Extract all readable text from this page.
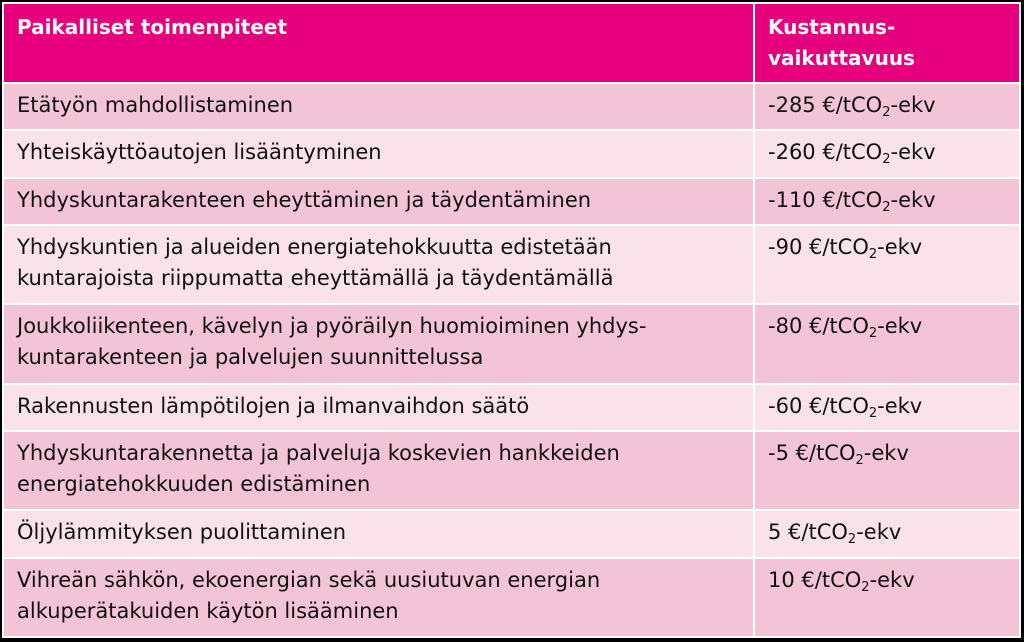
Paikalliset toimenpiteet	Kustannus-
vaikuttavuus

Etätyön mahdollistaminen	-285 €/tCO$_2$-ekv
Yhteiskäyttöautojen lisääntyminen	-260 €/tCO$_2$-ekv
Yhdyskuntarakenteen eheyttäminen ja täydentäminen	-110 €/tCO$_2$-ekv
Yhdyskuntien ja alueiden energiatehokkuutta edistetään
kuntarajoista riippumatta eheyttämällä ja täydentämällä	-90 €/tCO$_2$-ekv
Joukkoliikenteen, kävelyn ja pyöräilyn huomioiminen yhdys-
kuntarakenteen ja palvelujen suunnittelussa	-80 €/tCO$_2$-ekv
Rakennusten lämpötilojen ja ilmanvaihdon säätö	-60 €/tCO$_2$-ekv
Yhdyskuntarakennetta ja palveluja koskevien hankkeiden
energiatehokkuuden edistäminen	-5 €/tCO$_2$-ekv
Öljylämmityksen puolittaminen	5 €/tCO$_2$-ekv
Vihreän sähkön, ekoenergian sekä uusiutuvan energian
alkuperätakuiden käytön lisääminen	10 €/tCO$_2$-ekv
